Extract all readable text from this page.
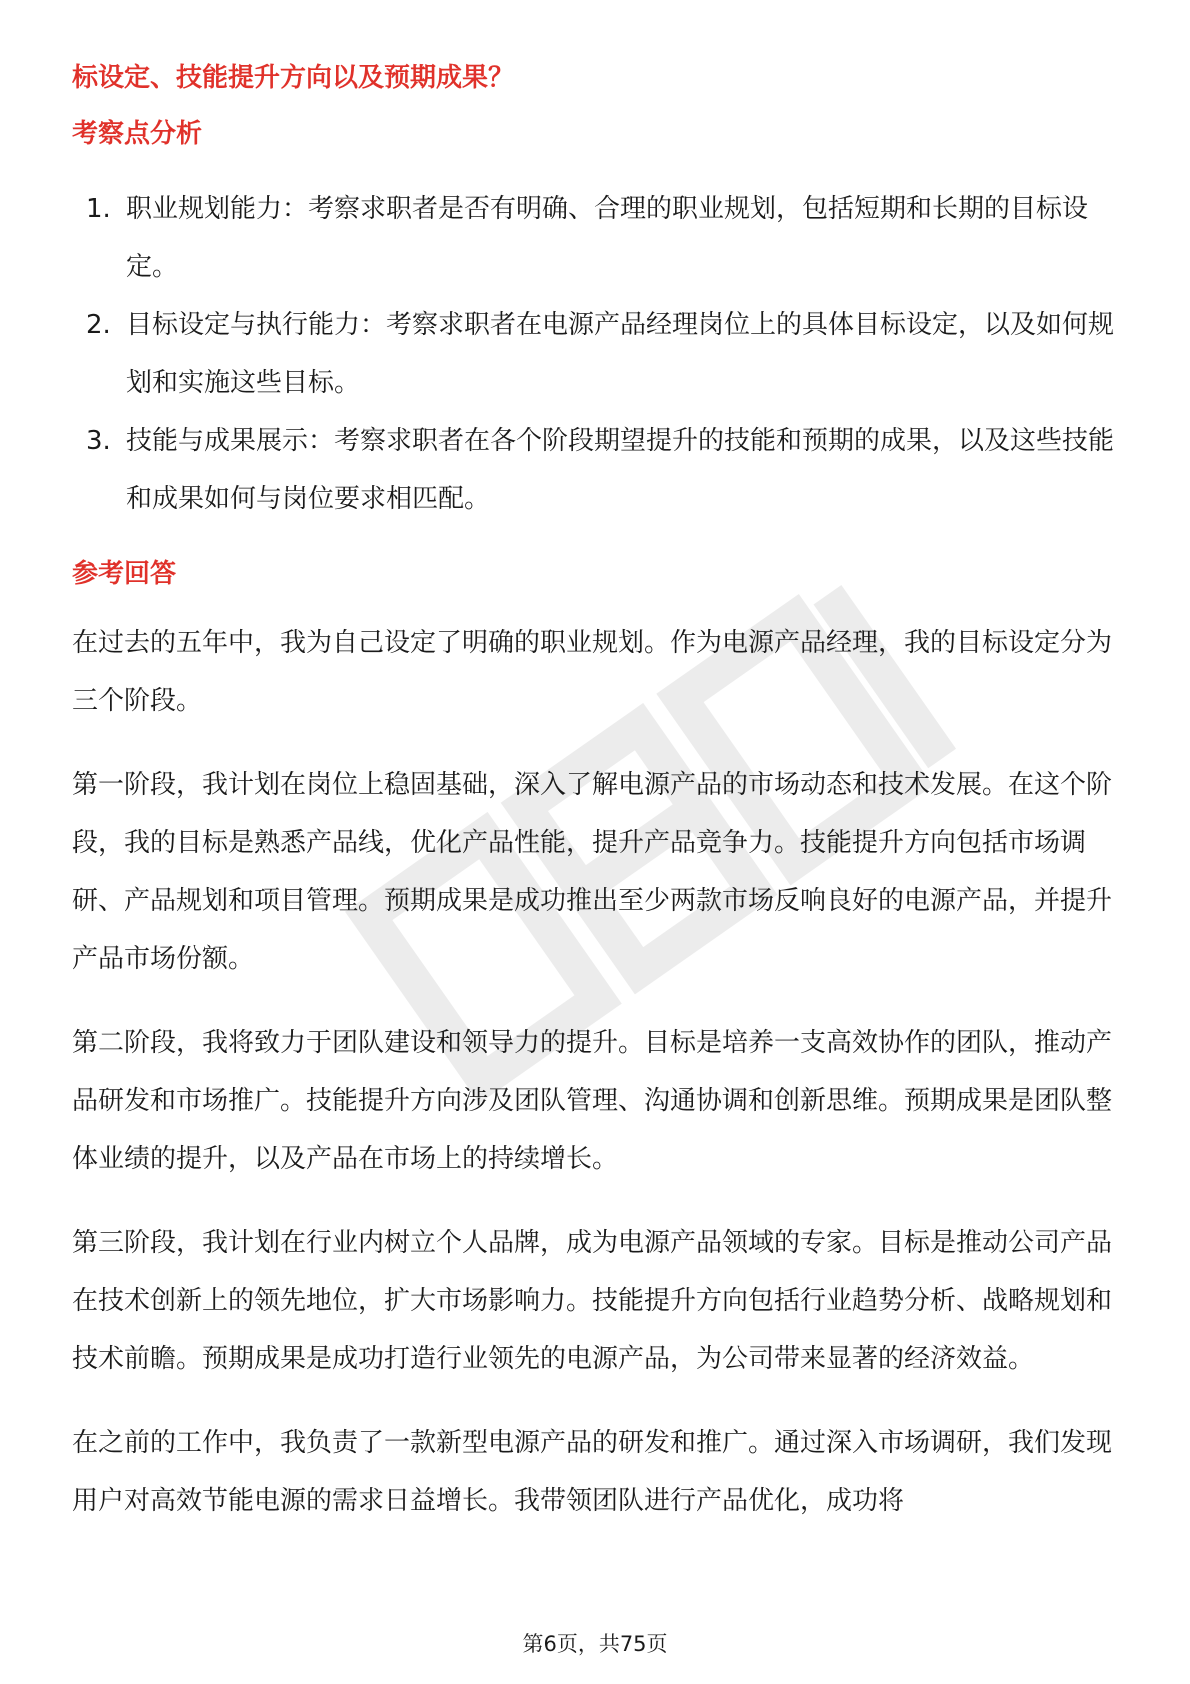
标设定、技能提升方向以及预期成果？
考察点分析
1. 职业规划能力：考察求职者是否有明确、合理的职业规划，包括短期和长期的目标设定。
2. 目标设定与执行能力：考察求职者在电源产品经理岗位上的具体目标设定，以及如何规划和实施这些目标。
3. 技能与成果展示：考察求职者在各个阶段期望提升的技能和预期的成果，以及这些技能和成果如何与岗位要求相匹配。
参考回答

在过去的五年中，我为自己设定了明确的职业规划。作为电源产品经理，我的目标设定分为三个阶段。

第一阶段，我计划在岗位上稳固基础，深入了解电源产品的市场动态和技术发展。在这个阶段，我的目标是熟悉产品线，优化产品性能，提升产品竞争力。技能提升方向包括市场调研、产品规划和项目管理。预期成果是成功推出至少两款市场反响良好的电源产品，并提升产品市场份额。

第二阶段，我将致力于团队建设和领导力的提升。目标是培养一支高效协作的团队，推动产品研发和市场推广。技能提升方向涉及团队管理、沟通协调和创新思维。预期成果是团队整体业绩的提升，以及产品在市场上的持续增长。

第三阶段，我计划在行业内树立个人品牌，成为电源产品领域的专家。目标是推动公司产品在技术创新上的领先地位，扩大市场影响力。技能提升方向包括行业趋势分析、战略规划和技术前瞻。预期成果是成功打造行业领先的电源产品，为公司带来显著的经济效益。

在之前的工作中，我负责了一款新型电源产品的研发和推广。通过深入市场调研，我们发现用户对高效节能电源的需求日益增长。我带领团队进行产品优化，成功将

第6页，共75页
